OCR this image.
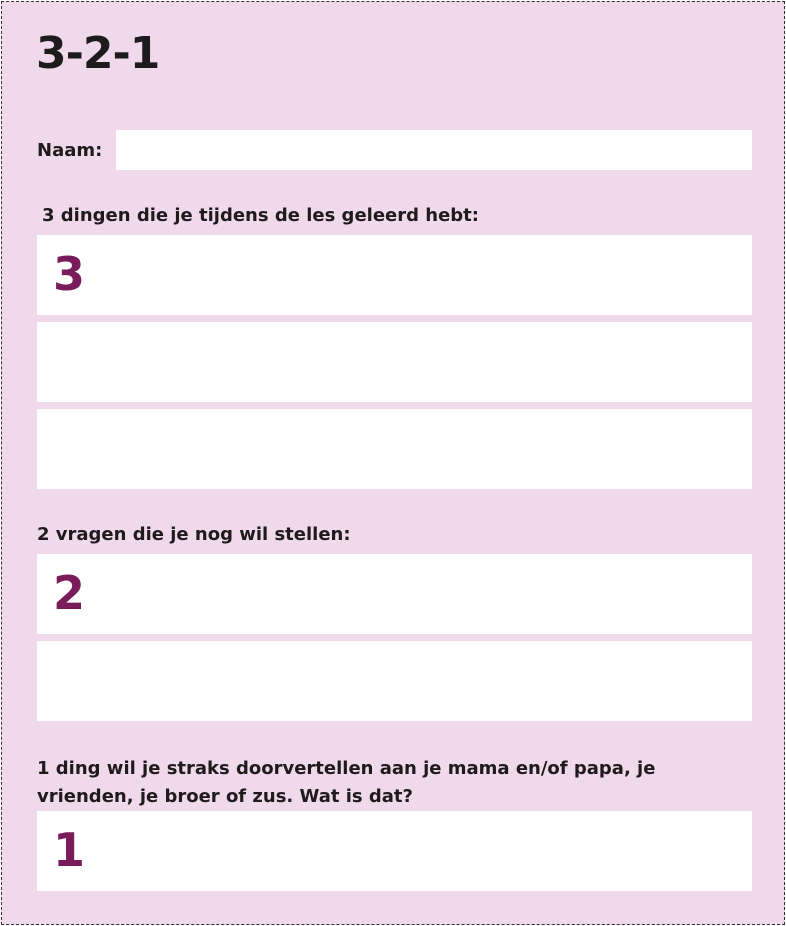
3-2-1
Naam:
3 dingen die je tijdens de les geleerd hebt:
3
2 vragen die je nog wil stellen:
2
1 ding wil je straks doorvertellen aan je mama en/of papa, je vrienden, je broer of zus. Wat is dat?
1
